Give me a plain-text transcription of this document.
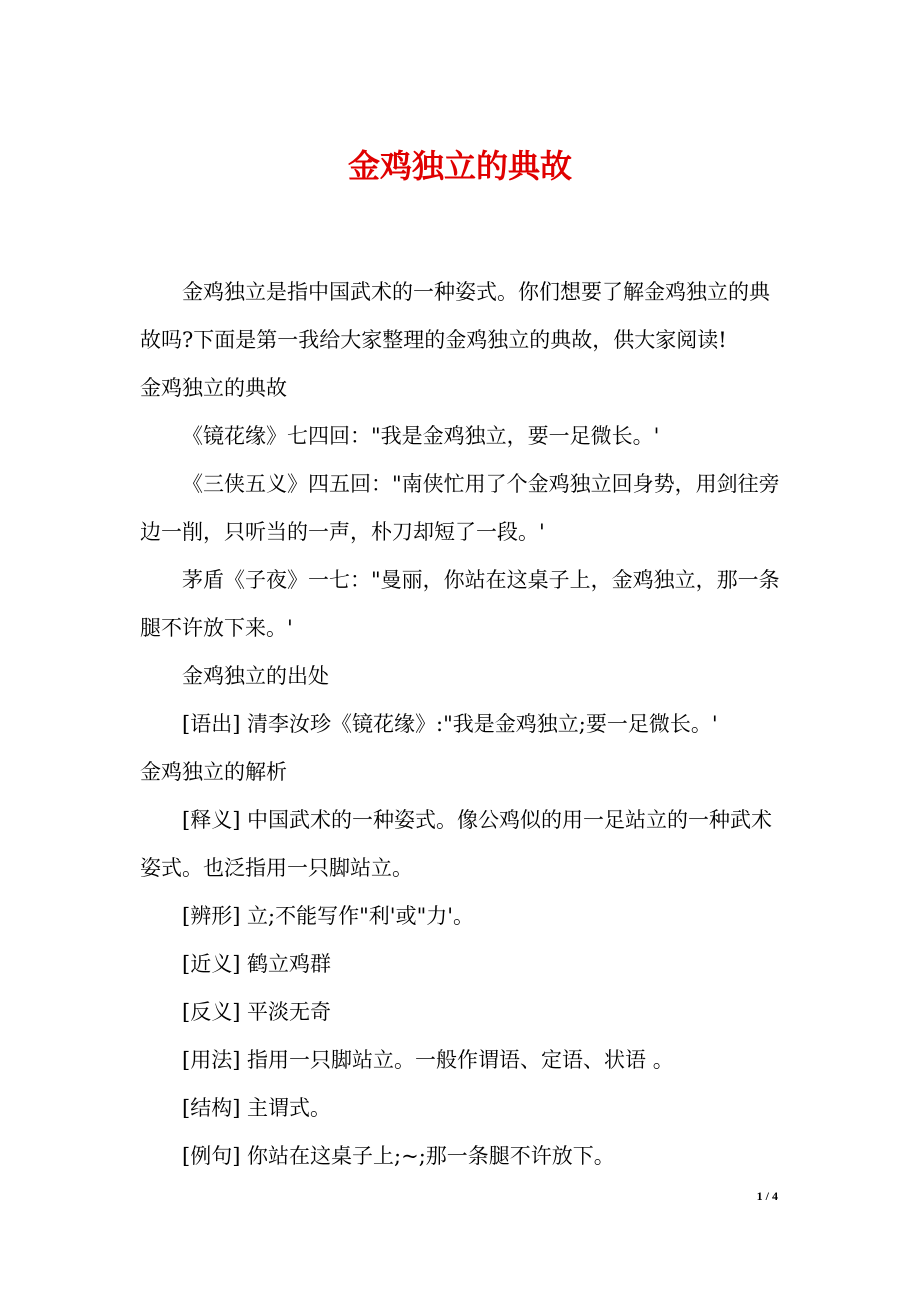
金鸡独立的典故

金鸡独立是指中国武术的一种姿式。你们想要了解金鸡独立的典故吗?下面是第一我给大家整理的金鸡独立的典故，供大家阅读!

金鸡独立的典故

《镜花缘》七四回："我是金鸡独立，要一足微长。'

《三侠五义》四五回："南侠忙用了个金鸡独立回身势，用剑往旁边一削，只听当的一声，朴刀却短了一段。'

茅盾《子夜》一七："曼丽，你站在这桌子上，金鸡独立，那一条腿不许放下来。'

金鸡独立的出处

[语出] 清李汝珍《镜花缘》:"我是金鸡独立;要一足微长。'

金鸡独立的解析

[释义] 中国武术的一种姿式。像公鸡似的用一足站立的一种武术姿式。也泛指用一只脚站立。

[辨形] 立;不能写作"利'或"力'。

[近义] 鹤立鸡群

[反义] 平淡无奇

[用法] 指用一只脚站立。一般作谓语、定语、状语 。

[结构] 主谓式。

[例句] 你站在这桌子上;~;那一条腿不许放下。

1 / 4
